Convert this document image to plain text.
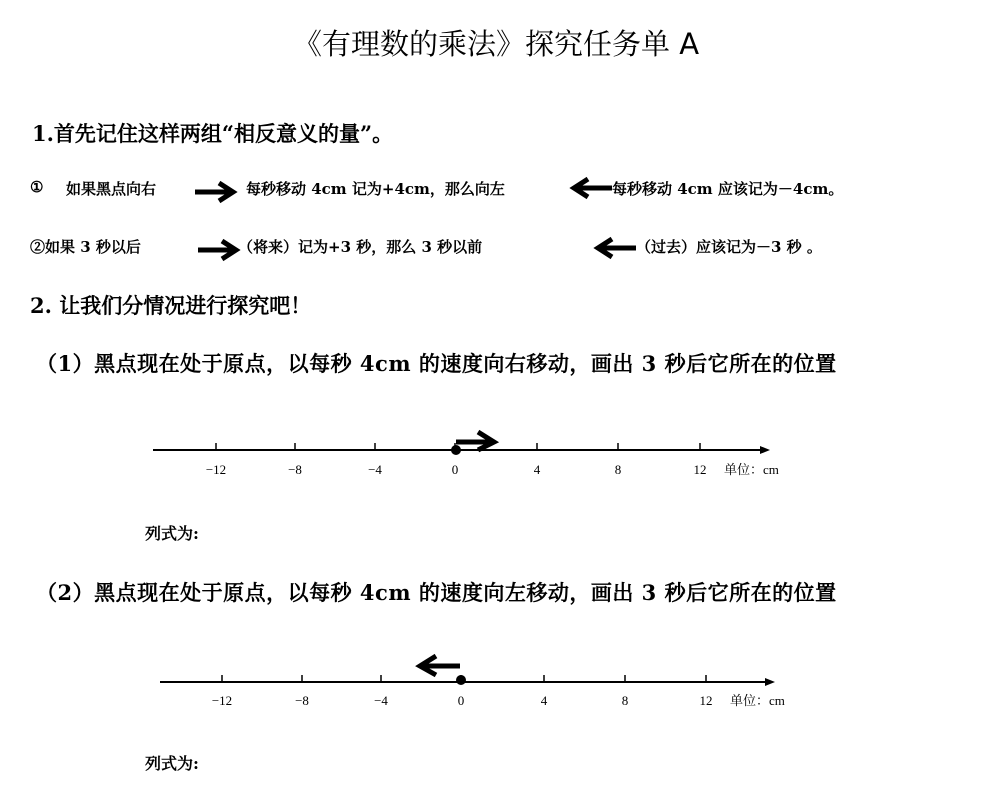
《有理数的乘法》探究任务单 A
1.首先记住这样两组“相反意义的量”。
① 如果黑点向右	每秒移动 4cm 记为+4cm，那么向左	每秒移动 4cm 应该记为－4cm。
②如果 3 秒以后	（将来）记为+3 秒，那么 3 秒以前	（过去）应该记为－3 秒 。
2. 让我们分情况进行探究吧！
（1）黑点现在处于原点，以每秒 4cm 的速度向右移动，画出 3 秒后它所在的位置
−12	−8	−4	0	4	8	12 单位：cm
列式为:
（2）黑点现在处于原点，以每秒 4cm 的速度向左移动，画出 3 秒后它所在的位置
−12	−8	−4	0	4	8	12 单位：cm
列式为:
